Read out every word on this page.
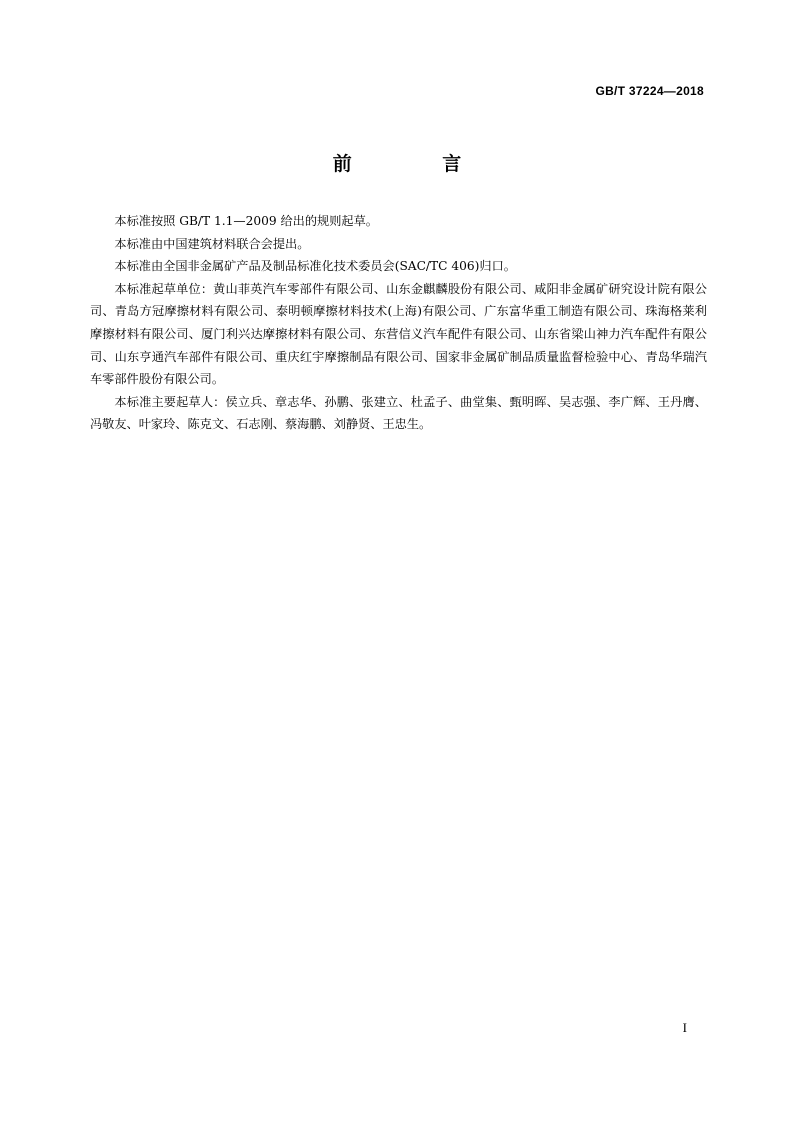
GB/T 37224—2018
前 言

本标准按照 GB/T 1.1—2009 给出的规则起草。

本标准由中国建筑材料联合会提出。

本标准由全国非金属矿产品及制品标准化技术委员会(SAC/TC 406)归口。

本标准起草单位：黄山菲英汽车零部件有限公司、山东金麒麟股份有限公司、咸阳非金属矿研究设计院有限公司、青岛方冠摩擦材料有限公司、泰明顿摩擦材料技术(上海)有限公司、广东富华重工制造有限公司、珠海格莱利摩擦材料有限公司、厦门利兴达摩擦材料有限公司、东营信义汽车配件有限公司、山东省梁山神力汽车配件有限公司、山东亨通汽车部件有限公司、重庆红宇摩擦制品有限公司、国家非金属矿制品质量监督检验中心、青岛华瑞汽车零部件股份有限公司。

本标准主要起草人：侯立兵、章志华、孙鹏、张建立、杜孟子、曲堂集、甄明晖、吴志强、李广辉、王丹膺、冯敬友、叶家玲、陈克文、石志刚、蔡海鹏、刘静贤、王忠生。

I
